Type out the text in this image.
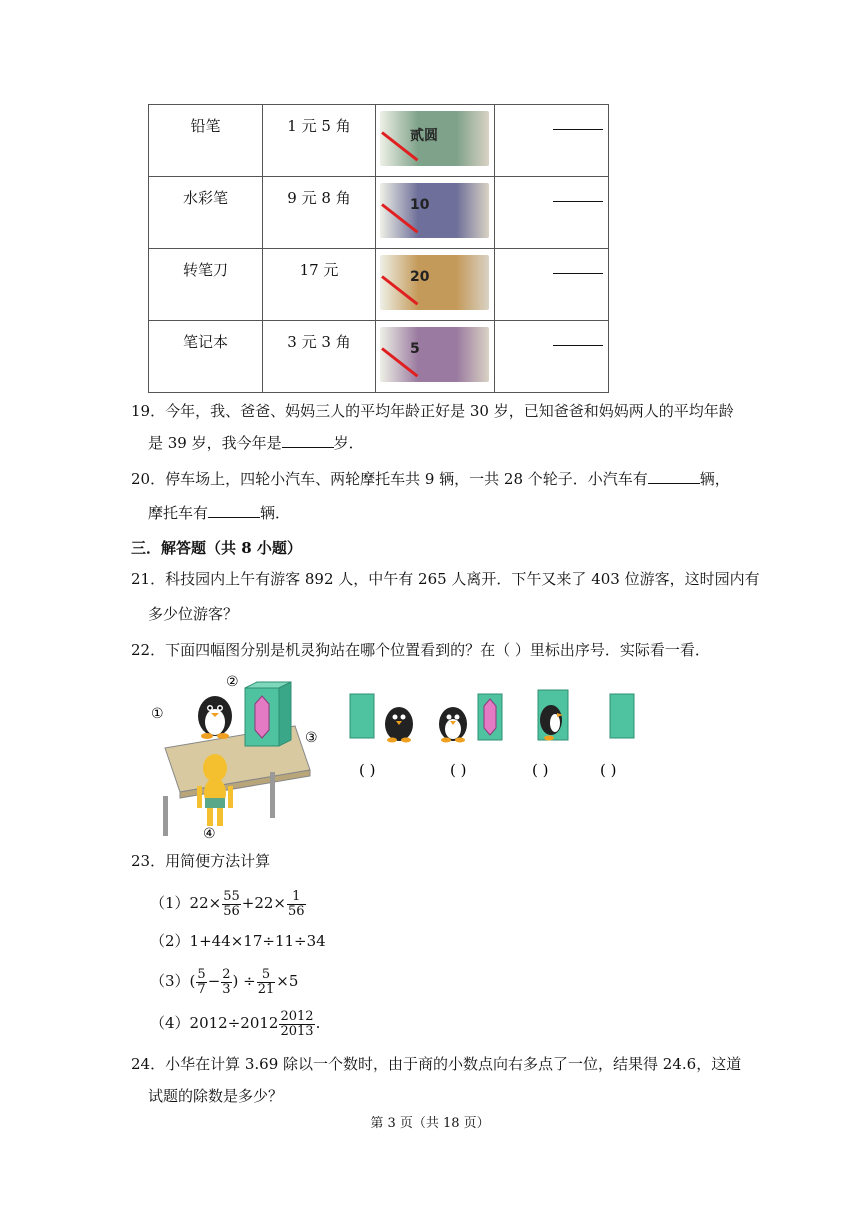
铅笔	1 元 5 角	贰圆	

水彩笔	9 元 8 角	10	

转笔刀	17 元	20	

笔记本	3 元 3 角	5	

19．今年，我、爸爸、妈妈三人的平均年龄正好是 30 岁，已知爸爸和妈妈两人的平均年龄
是 39 岁，我今年是	岁．
20．停车场上，四轮小汽车、两轮摩托车共 9 辆，一共 28 个轮子．小汽车有	辆，
摩托车有	辆．
三．解答题（共 8 小题）
21．科技园内上午有游客 892 人，中午有 265 人离开．下午又来了 403 位游客，这时园内有
多少位游客？
22．下面四幅图分别是机灵狗站在哪个位置看到的？在（ ）里标出序号．实际看一看．
①
②
③
④
( )	( )	( )	( )
23．用简便方法计算
$(1)22\times \frac{55}{56} +22\times \frac{1}{56}$
（2）1+44×17÷11÷34
$(3)( \frac{5}{7} - \frac{2}{3}$ ) ÷ $\frac{5}{21} \times 5$
$(4)2012\div 2012 \frac{2012}{2013}$ .
24．小华在计算 3.69 除以一个数时，由于商的小数点向右多点了一位，结果得 24.6，这道
试题的除数是多少？
第 3 页（共 18 页）
